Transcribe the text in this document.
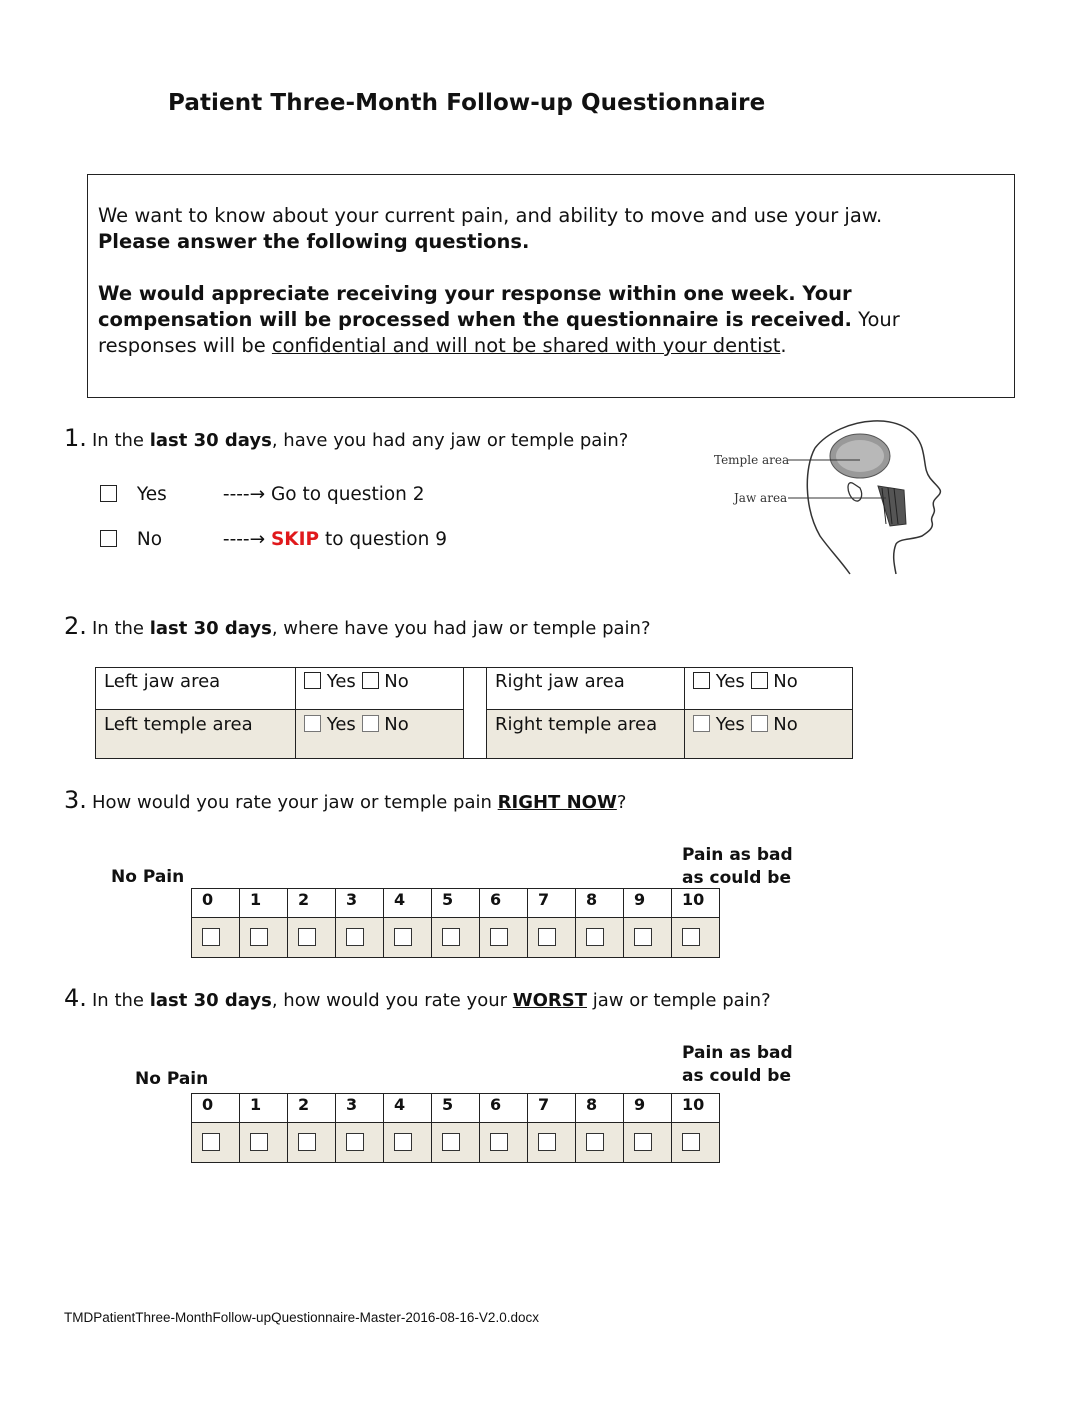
Patient Three-Month Follow-up Questionnaire

We want to know about your current pain, and ability to move and use your jaw.

Please answer the following questions.

We would appreciate receiving your response within one week. Your compensation will be processed when the questionnaire is received. Your responses will be confidential and will not be shared with your dentist.

1. In the last 30 days, have you had any jaw or temple pain?
Yes	----→ Go to question 2
No	----→ SKIP to question 9
Temple area
Jaw area
2. In the last 30 days, where have you had jaw or temple pain?
Left jaw area	Yes No		Right jaw area	Yes No
Left temple area	Yes No		Right temple area	Yes No
3. How would you rate your jaw or temple pain RIGHT NOW?
No Pain
Pain as bad
as could be
0	1	2	3	4	5	6	7	8	9	10

4. In the last 30 days, how would you rate your WORST jaw or temple pain?
No Pain
Pain as bad
as could be
0	1	2	3	4	5	6	7	8	9	10

TMDPatientThree-MonthFollow-upQuestionnaire-Master-2016-08-16-V2.0.docx
